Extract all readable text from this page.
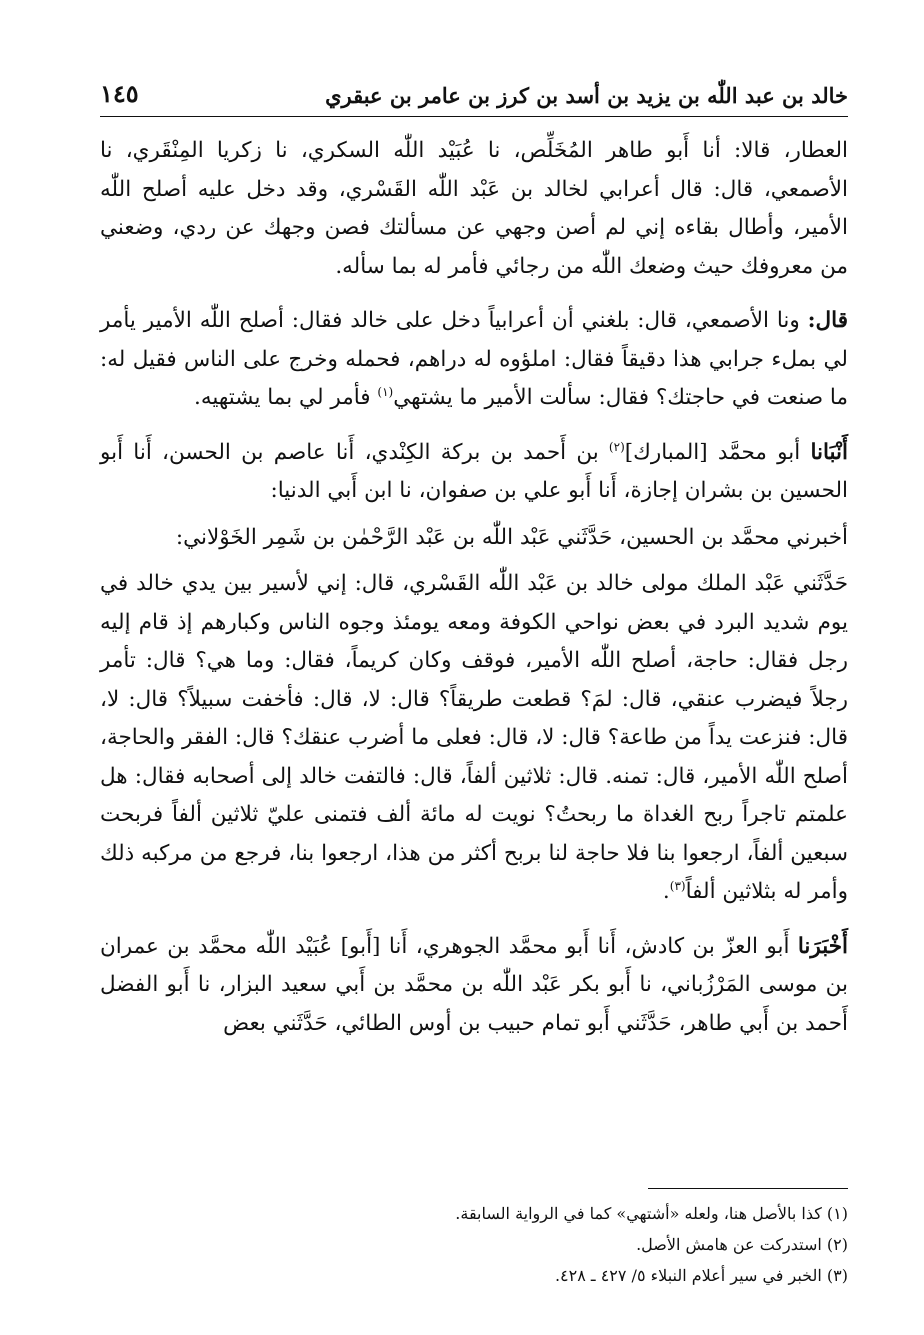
خالد بن عبد اللّٰه بن يزيد بن أسد بن كرز بن عامر بن عبقري
١٤٥

العطار، قالا: أنا أَبو طاهر المُخَلِّص، نا عُبَيْد اللّٰه السكري، نا زكريا المِنْقَري، نا الأصمعي، قال: قال أعرابي لخالد بن عَبْد اللّٰه القَسْري، وقد دخل عليه أصلح اللّٰه الأمير، وأطال بقاءه إني لم أصن وجهي عن مسألتك فصن وجهك عن ردي، وضعني من معروفك حيث وضعك اللّٰه من رجائي فأمر له بما سأله.

قال: ونا الأصمعي، قال: بلغني أن أعرابياً دخل على خالد فقال: أصلح اللّٰه الأمير يأمر لي بملء جرابي هذا دقيقاً فقال: املؤوه له دراهم، فحمله وخرج على الناس فقيل له: ما صنعت في حاجتك؟ فقال: سألت الأمير ما يشتهي$^{(١)}$ فأمر لي بما يشتهيه.

أَنْبَانا أبو محمَّد [المبارك]$^{(٢)}$ بن أَحمد بن بركة الكِنْدي، أَنا عاصم بن الحسن، أَنا أَبو الحسين بن بشران إجازة، أَنا أَبو علي بن صفوان، نا ابن أَبي الدنيا:

أخبرني محمَّد بن الحسين، حَدَّثَني عَبْد اللّٰه بن عَبْد الرَّحْمٰن بن شَمِر الخَوْلاني:

حَدَّثَني عَبْد الملك مولى خالد بن عَبْد اللّٰه القَسْري، قال: إني لأسير بين يدي خالد في يوم شديد البرد في بعض نواحي الكوفة ومعه يومئذ وجوه الناس وكبارهم إذ قام إليه رجل فقال: حاجة، أصلح اللّٰه الأمير، فوقف وكان كريماً، فقال: وما هي؟ قال: تأمر رجلاً فيضرب عنقي، قال: لمَ؟ قطعت طريقاً؟ قال: لا، قال: فأخفت سبيلاً؟ قال: لا، قال: فنزعت يداً من طاعة؟ قال: لا، قال: فعلى ما أضرب عنقك؟ قال: الفقر والحاجة، أصلح اللّٰه الأمير، قال: تمنه. قال: ثلاثين ألفاً، قال: فالتفت خالد إلى أصحابه فقال: هل علمتم تاجراً ربح الغداة ما ربحتُ؟ نويت له مائة ألف فتمنى عليّ ثلاثين ألفاً فربحت سبعين ألفاً، ارجعوا بنا فلا حاجة لنا بربح أكثر من هذا، ارجعوا بنا، فرجع من مركبه ذلك وأمر له بثلاثين ألفاً$^{(٣)}$.

أَخْبَرَنا أَبو العزّ بن كادش، أَنا أَبو محمَّد الجوهري، أَنا [أَبو] عُبَيْد اللّٰه محمَّد بن عمران بن موسى المَرْزُباني، نا أَبو بكر عَبْد اللّٰه بن محمَّد بن أَبي سعيد البزار، نا أَبو الفضل أَحمد بن أَبي طاهر، حَدَّثَني أَبو تمام حبيب بن أوس الطائي، حَدَّثَني بعض

(١) كذا بالأصل هنا، ولعله «أشتهي» كما في الرواية السابقة.
(٢) استدركت عن هامش الأصل.
(٣) الخبر في سير أعلام النبلاء ٥/ ٤٢٧ ـ ٤٢٨.
